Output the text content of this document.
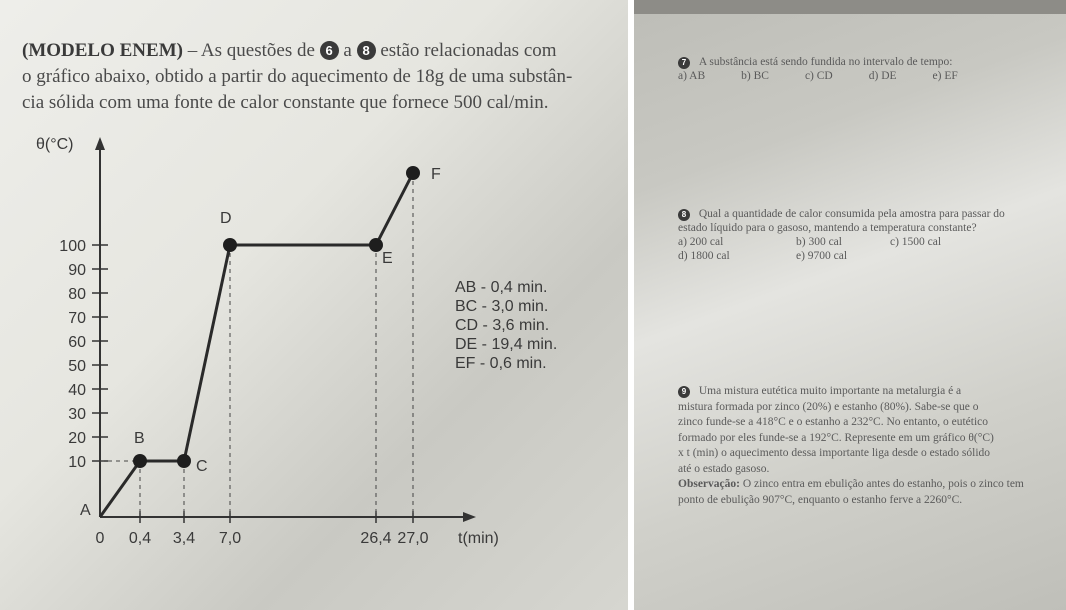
(MODELO ENEM) – As questões de 6 a 8 estão relacionadas com
o gráfico abaixo, obtido a partir do aquecimento de 18g de uma substân-
cia sólida com uma fonte de calor constante que fornece 500 cal/min.
θ(°C)
t(min)
10
20
30
40
50
60
70
80
90
100
0 0,4 3,4 7,0	26,4 27,0
A
B
C
D
E
F
AB - 0,4 min.
BC - 3,0 min.
CD - 3,6 min.
DE - 19,4 min.
EF - 0,6 min.
7 A substância está sendo fundida no intervalo de tempo:
a) AB	b) BC	c) CD	d) DE	e) EF
8 Qual a quantidade de calor consumida pela amostra para passar do
estado líquido para o gasoso, mantendo a temperatura constante?
a) 200 cal	b) 300 cal	c) 1500 cal
d) 1800 cal	e) 9700 cal
9 Uma mistura eutética muito importante na metalurgia é a
mistura formada por zinco (20%) e estanho (80%). Sabe-se que o
zinco funde-se a 418°C e o estanho a 232°C. No entanto, o eutético
formado por eles funde-se a 192°C. Represente em um gráfico θ(°C)
x t (min) o aquecimento dessa importante liga desde o estado sólido
até o estado gasoso.
Observação: O zinco entra em ebulição antes do estanho, pois o zinco tem
ponto de ebulição 907°C, enquanto o estanho ferve a 2260°C.
